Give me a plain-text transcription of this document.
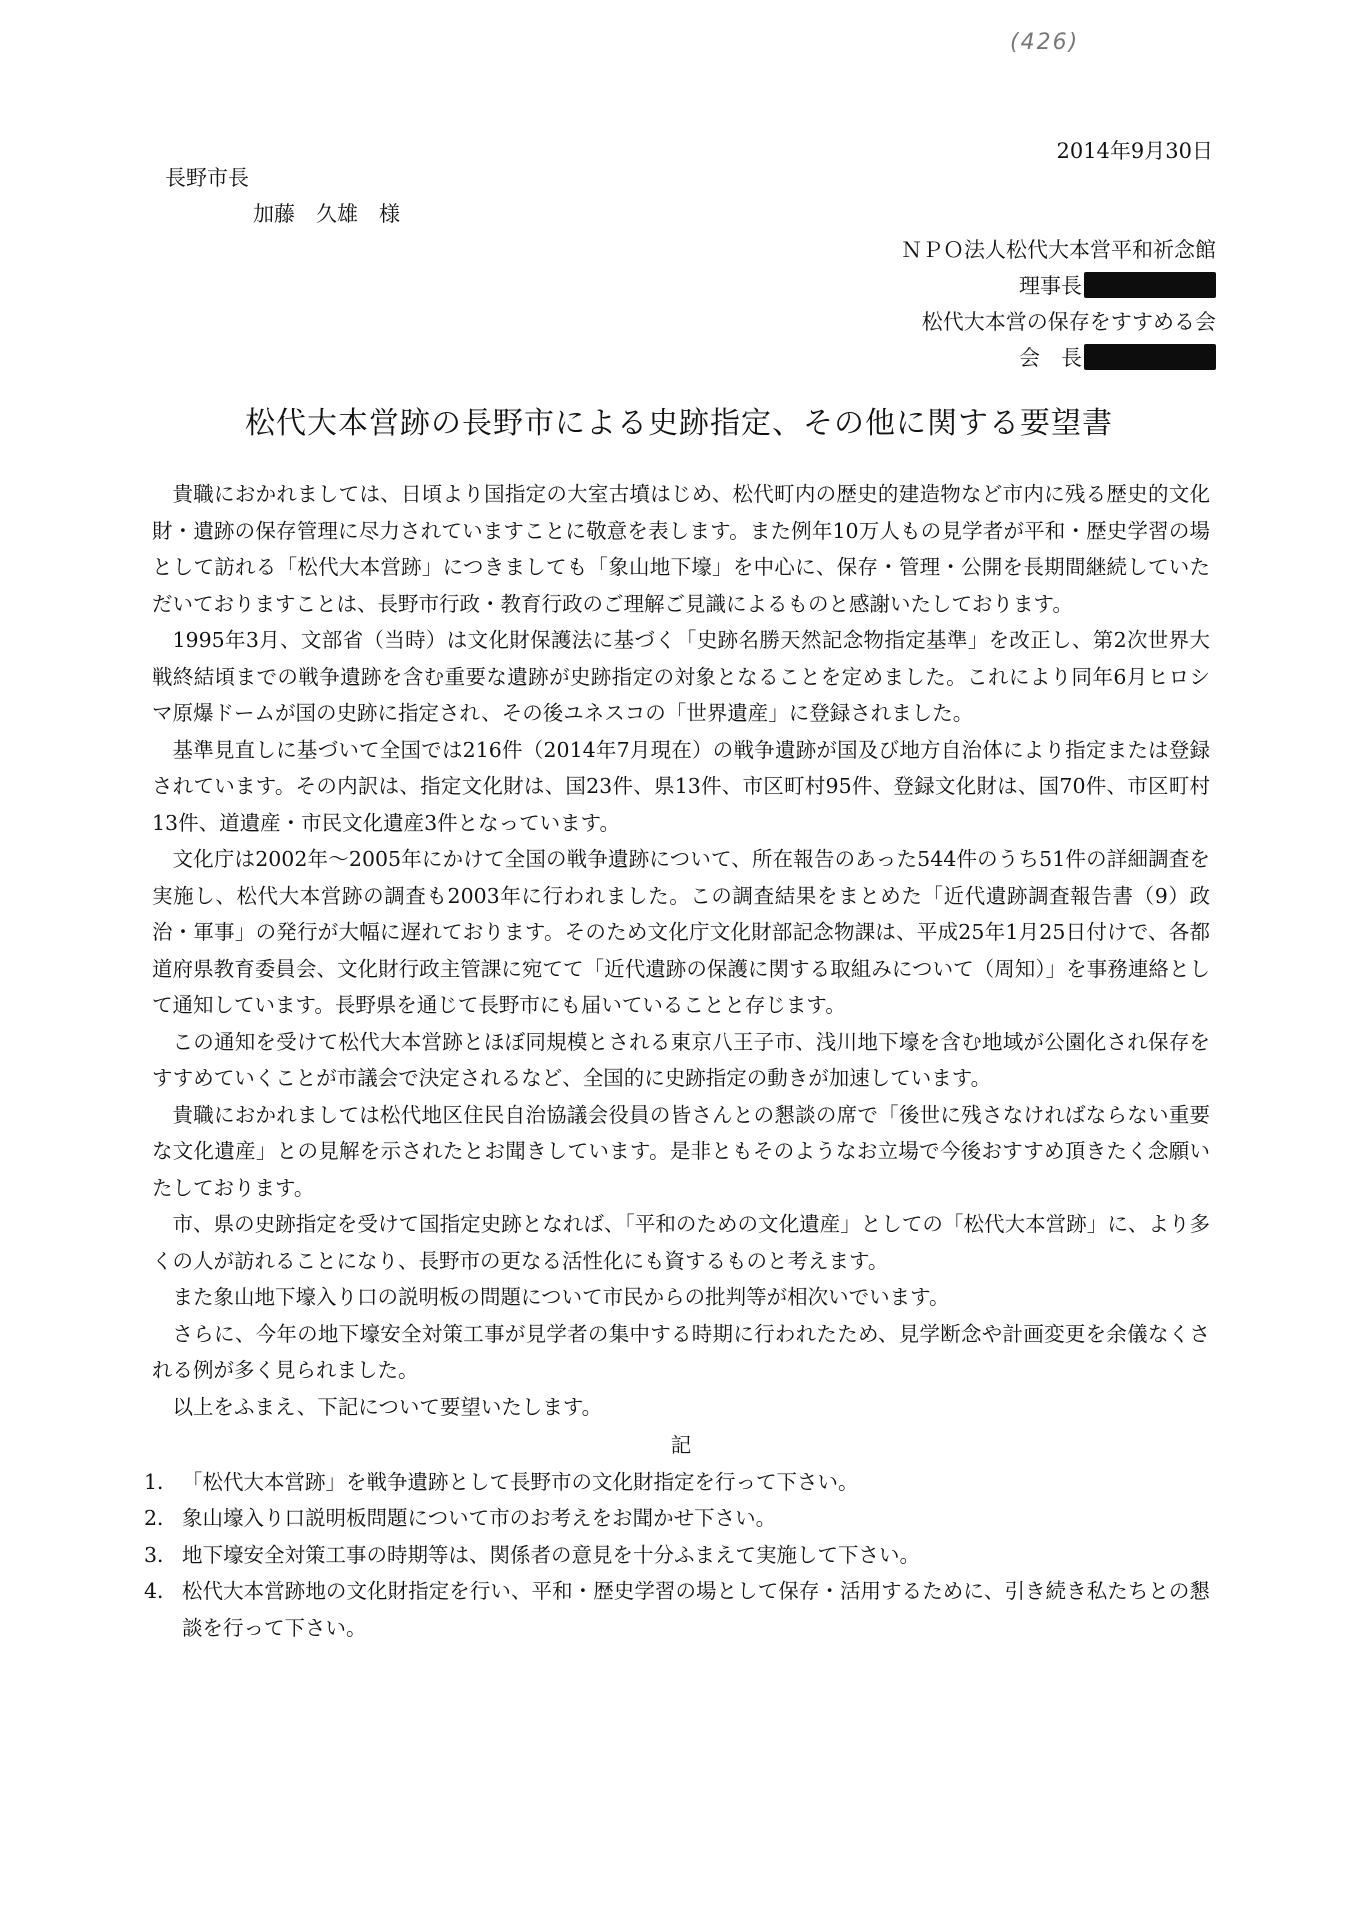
(426)
2014年9月30日
長野市長
加藤　久雄　様
ＮＰＯ法人松代大本営平和祈念館
理事長
松代大本営の保存をすすめる会
会　長
松代大本営跡の長野市による史跡指定、その他に関する要望書

貴職におかれましては、日頃より国指定の大室古墳はじめ、松代町内の歴史的建造物など市内に残る歴史的文化財・遺跡の保存管理に尽力されていますことに敬意を表します。また例年10万人もの見学者が平和・歴史学習の場として訪れる「松代大本営跡」につきましても「象山地下壕」を中心に、保存・管理・公開を長期間継続していただいておりますことは、長野市行政・教育行政のご理解ご見識によるものと感謝いたしております。

1995年3月、文部省（当時）は文化財保護法に基づく「史跡名勝天然記念物指定基準」を改正し、第2次世界大戦終結頃までの戦争遺跡を含む重要な遺跡が史跡指定の対象となることを定めました。これにより同年6月ヒロシマ原爆ドームが国の史跡に指定され、その後ユネスコの「世界遺産」に登録されました。

基準見直しに基づいて全国では216件（2014年7月現在）の戦争遺跡が国及び地方自治体により指定または登録されています。その内訳は、指定文化財は、国23件、県13件、市区町村95件、登録文化財は、国70件、市区町村13件、道遺産・市民文化遺産3件となっています。

文化庁は2002年～2005年にかけて全国の戦争遺跡について、所在報告のあった544件のうち51件の詳細調査を実施し、松代大本営跡の調査も2003年に行われました。この調査結果をまとめた「近代遺跡調査報告書（9）政治・軍事」の発行が大幅に遅れております。そのため文化庁文化財部記念物課は、平成25年1月25日付けで、各都道府県教育委員会、文化財行政主管課に宛てて「近代遺跡の保護に関する取組みについて（周知）」を事務連絡として通知しています。長野県を通じて長野市にも届いていることと存じます。

この通知を受けて松代大本営跡とほぼ同規模とされる東京八王子市、浅川地下壕を含む地域が公園化され保存をすすめていくことが市議会で決定されるなど、全国的に史跡指定の動きが加速しています。

貴職におかれましては松代地区住民自治協議会役員の皆さんとの懇談の席で「後世に残さなければならない重要な文化遺産」との見解を示されたとお聞きしています。是非ともそのようなお立場で今後おすすめ頂きたく念願いたしております。

市、県の史跡指定を受けて国指定史跡となれば、「平和のための文化遺産」としての「松代大本営跡」に、より多くの人が訪れることになり、長野市の更なる活性化にも資するものと考えます。

また象山地下壕入り口の説明板の問題について市民からの批判等が相次いでいます。

さらに、今年の地下壕安全対策工事が見学者の集中する時期に行われたため、見学断念や計画変更を余儀なくされる例が多く見られました。

以上をふまえ、下記について要望いたします。

記
1． 「松代大本営跡」を戦争遺跡として長野市の文化財指定を行って下さい。
2． 象山壕入り口説明板問題について市のお考えをお聞かせ下さい。
3． 地下壕安全対策工事の時期等は、関係者の意見を十分ふまえて実施して下さい。
4． 松代大本営跡地の文化財指定を行い、平和・歴史学習の場として保存・活用するために、引き続き私たちとの懇談を行って下さい。
